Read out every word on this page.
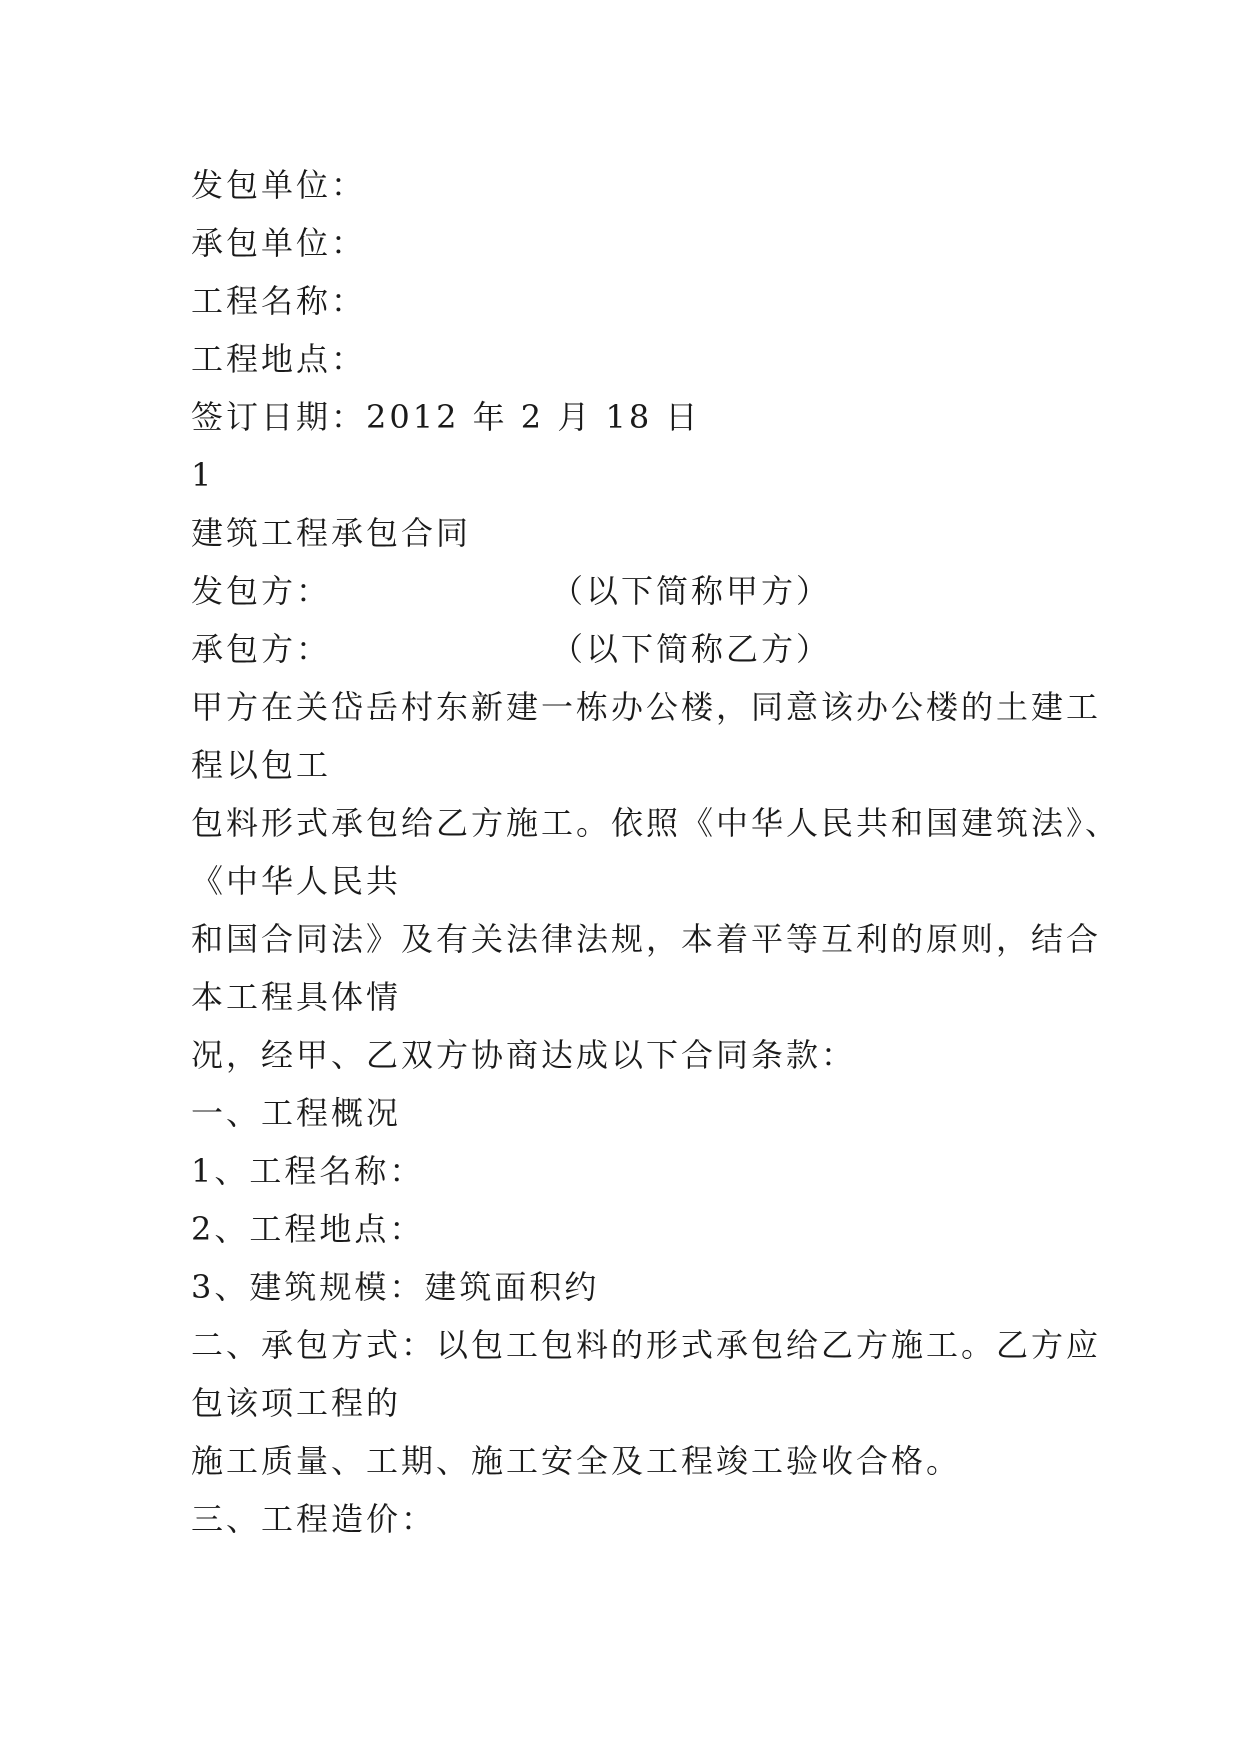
发包单位：
承包单位：
工程名称：
工程地点：
签订日期：2012 年 2 月 18 日
1
建筑工程承包合同
发包方：	（以下简称甲方）
承包方：	（以下简称乙方）
甲方在关岱岳村东新建一栋办公楼，同意该办公楼的土建工
程以包工
包料形式承包给乙方施工。依照《中华人民共和国建筑法》、
《中华人民共
和国合同法》及有关法律法规，本着平等互利的原则，结合
本工程具体情
况，经甲、乙双方协商达成以下合同条款：
一、工程概况
1、工程名称：
2、工程地点：
3、建筑规模：建筑面积约
二、承包方式：以包工包料的形式承包给乙方施工。乙方应
包该项工程的
施工质量、工期、施工安全及工程竣工验收合格。
三、工程造价：
